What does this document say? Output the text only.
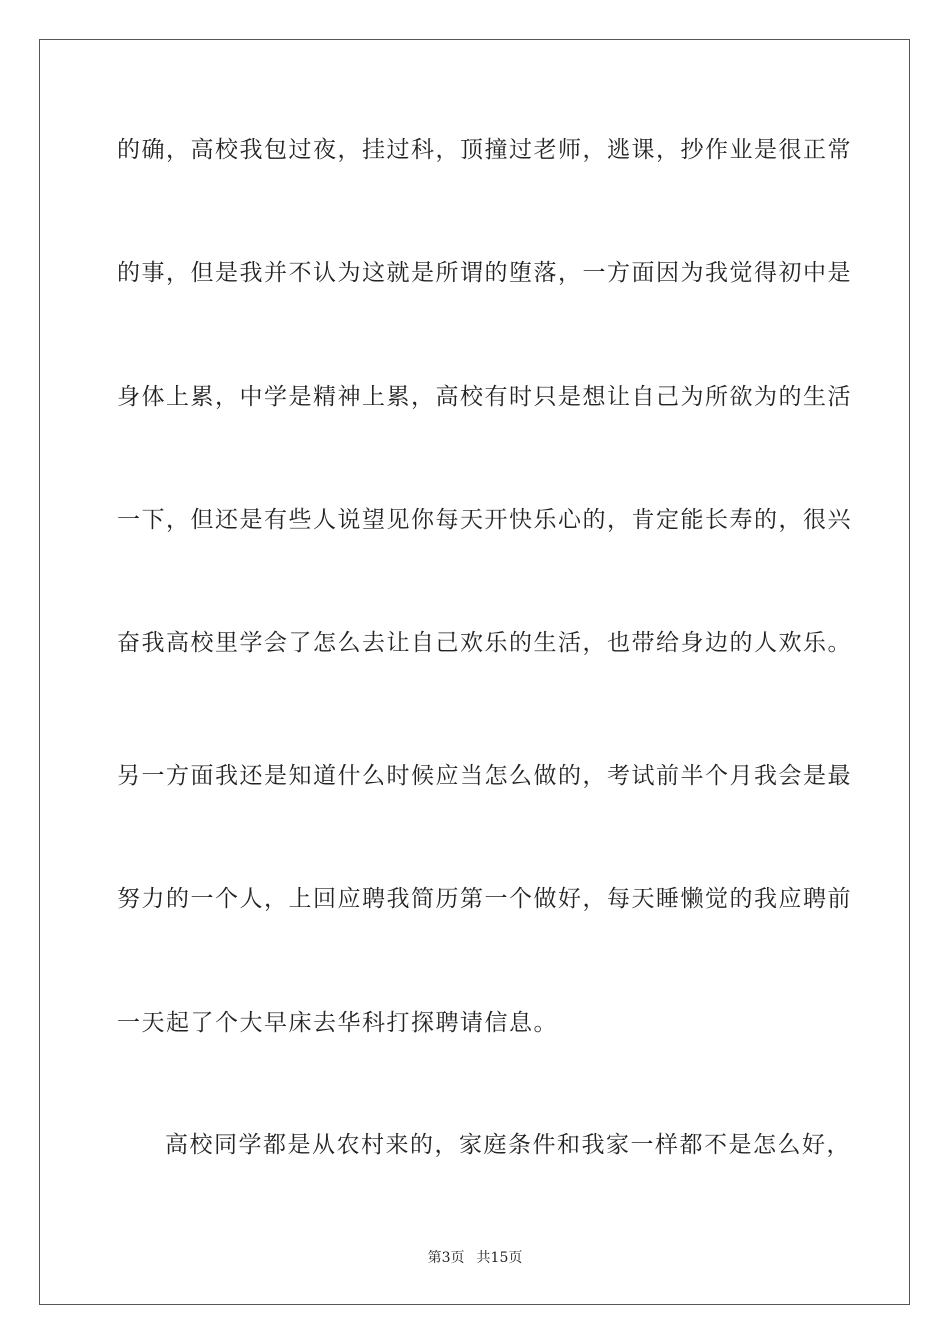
的确，高校我包过夜，挂过科，顶撞过老师，逃课，抄作业是很正常
的事，但是我并不认为这就是所谓的堕落，一方面因为我觉得初中是
身体上累，中学是精神上累，高校有时只是想让自己为所欲为的生活
一下，但还是有些人说望见你每天开快乐心的，肯定能长寿的，很兴
奋我高校里学会了怎么去让自己欢乐的生活，也带给身边的人欢乐。
另一方面我还是知道什么时候应当怎么做的，考试前半个月我会是最
努力的一个人，上回应聘我简历第一个做好，每天睡懒觉的我应聘前
一天起了个大早床去华科打探聘请信息。
高校同学都是从农村来的，家庭条件和我家一样都不是怎么好，
第3页 共15页
